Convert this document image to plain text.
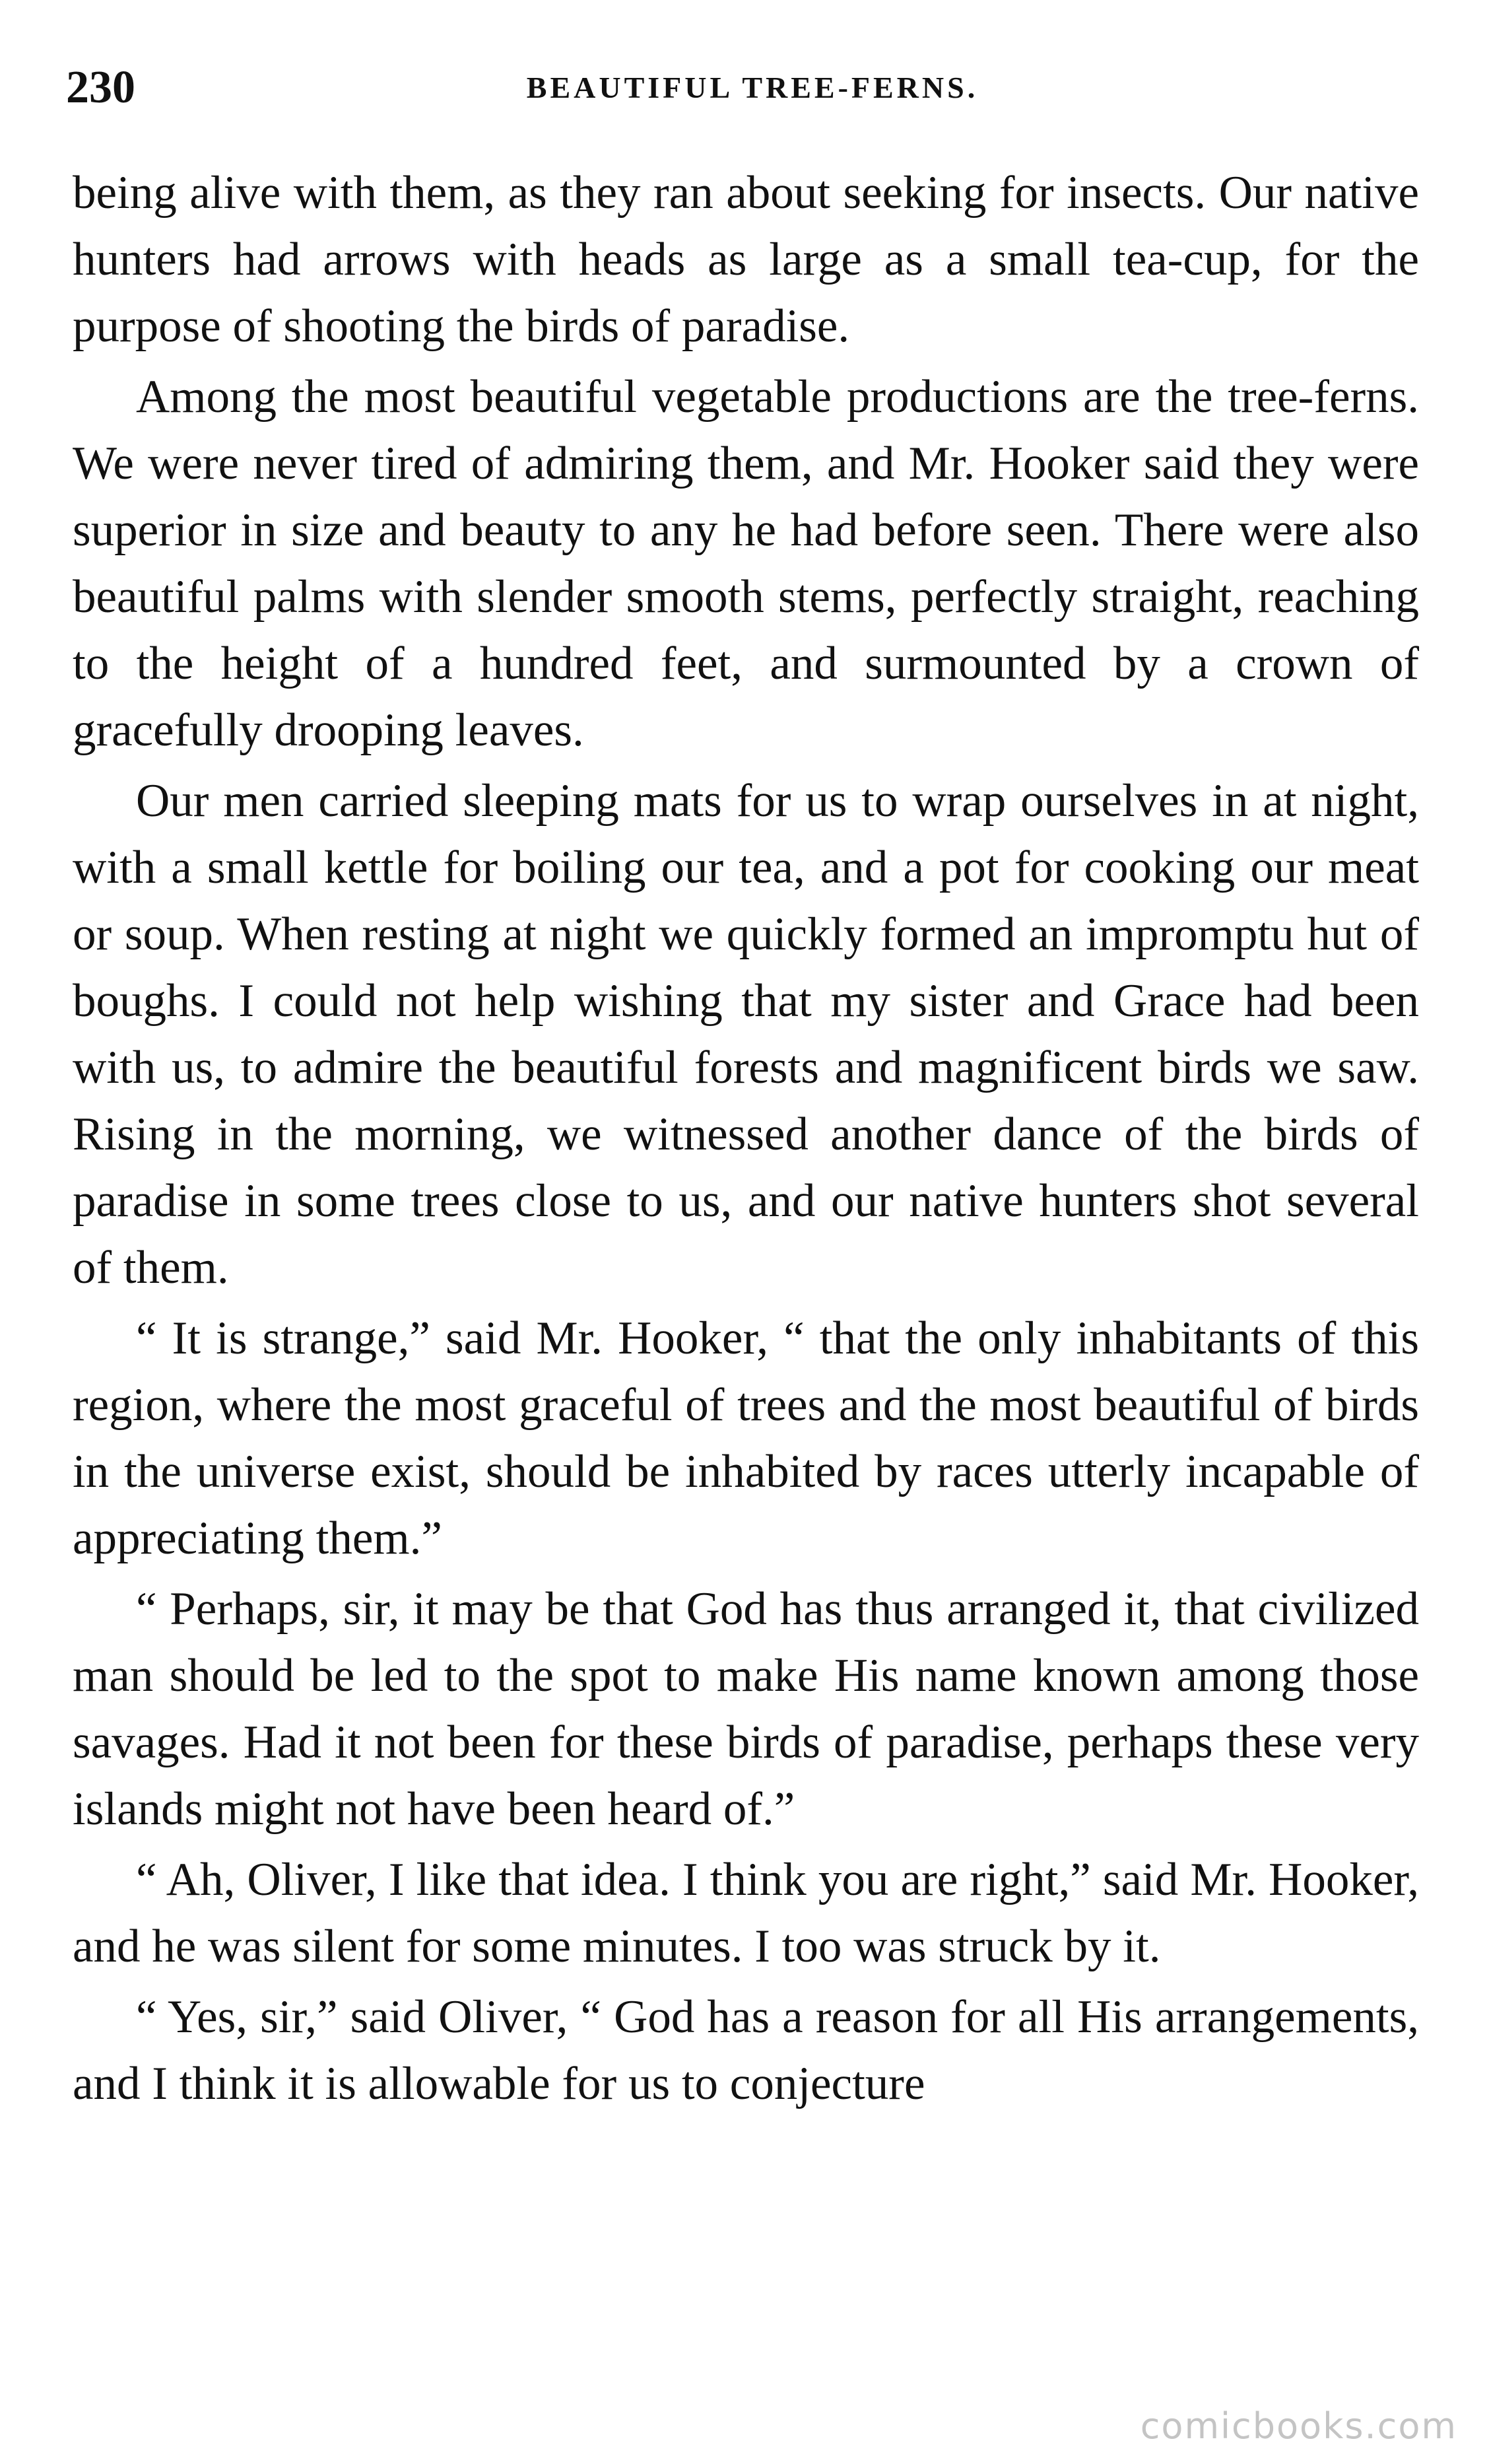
230	BEAUTIFUL TREE-FERNS.

being alive with them, as they ran about seeking for insects. Our native hunters had arrows with heads as large as a small tea-cup, for the purpose of shooting the birds of paradise.

Among the most beautiful vegetable productions are the tree-ferns. We were never tired of admiring them, and Mr. Hooker said they were superior in size and beauty to any he had before seen. There were also beautiful palms with slender smooth stems, perfectly straight, reaching to the height of a hundred feet, and surmounted by a crown of gracefully drooping leaves.

Our men carried sleeping mats for us to wrap ourselves in at night, with a small kettle for boiling our tea, and a pot for cooking our meat or soup. When resting at night we quickly formed an impromptu hut of boughs. I could not help wishing that my sister and Grace had been with us, to admire the beautiful forests and magnificent birds we saw. Rising in the morning, we witnessed another dance of the birds of paradise in some trees close to us, and our native hunters shot several of them.

“ It is strange,” said Mr. Hooker, “ that the only inhabitants of this region, where the most graceful of trees and the most beautiful of birds in the universe exist, should be inhabited by races utterly incapable of appreciating them.”

“ Perhaps, sir, it may be that God has thus arranged it, that civilized man should be led to the spot to make His name known among those savages. Had it not been for these birds of paradise, perhaps these very islands might not have been heard of.”

“ Ah, Oliver, I like that idea. I think you are right,” said Mr. Hooker, and he was silent for some minutes. I too was struck by it.

“ Yes, sir,” said Oliver, “ God has a reason for all His arrangements, and I think it is allowable for us to conjecture

comicbooks.com
